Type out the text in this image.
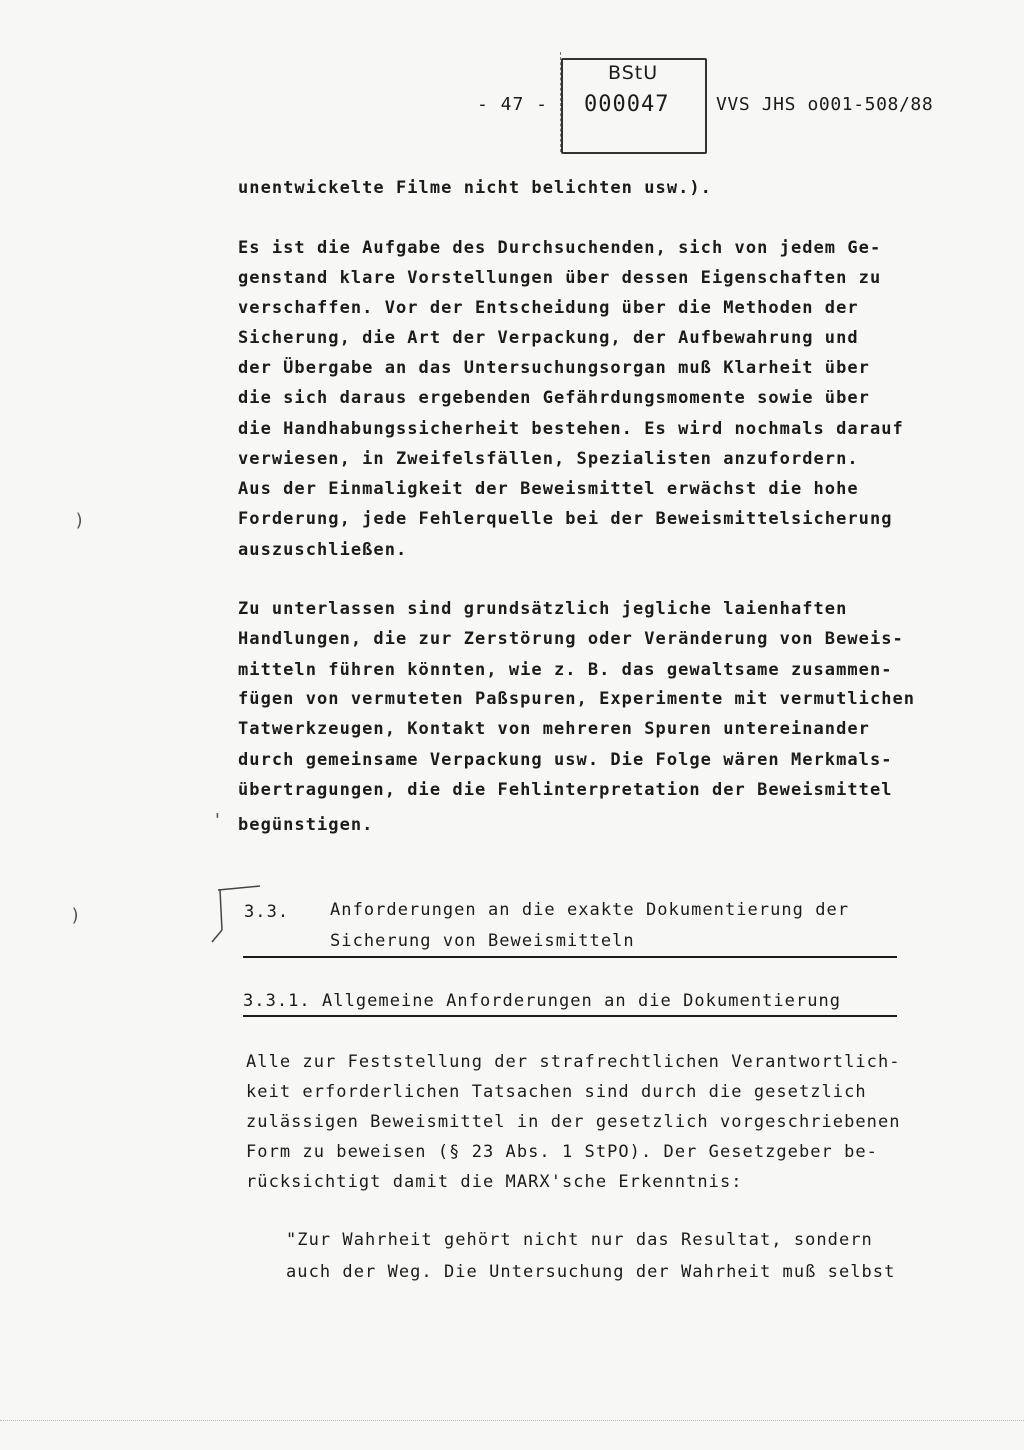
- 47 -
BStU
000047	VVS JHS o001-508/88
unentwickelte Filme nicht belichten usw.).
Es ist die Aufgabe des Durchsuchenden, sich von jedem Ge-
genstand klare Vorstellungen über dessen Eigenschaften zu
verschaffen. Vor der Entscheidung über die Methoden der
Sicherung, die Art der Verpackung, der Aufbewahrung und
der Übergabe an das Untersuchungsorgan muß Klarheit über
die sich daraus ergebenden Gefährdungsmomente sowie über
die Handhabungssicherheit bestehen. Es wird nochmals darauf
verwiesen, in Zweifelsfällen, Spezialisten anzufordern.
Aus der Einmaligkeit der Beweismittel erwächst die hohe
Forderung, jede Fehlerquelle bei der Beweismittelsicherung
auszuschließen.
Zu unterlassen sind grundsätzlich jegliche laienhaften
Handlungen, die zur Zerstörung oder Veränderung von Beweis-
mitteln führen könnten, wie z. B. das gewaltsame zusammen-
fügen von vermuteten Paßspuren, Experimente mit vermutlichen
Tatwerkzeugen, Kontakt von mehreren Spuren untereinander
durch gemeinsame Verpackung usw. Die Folge wären Merkmals-
übertragungen, die die Fehlinterpretation der Beweismittel
begünstigen.
)
'
)	3.3. Anforderungen an die exakte Dokumentierung der
Sicherung von Beweismitteln
3.3.1. Allgemeine Anforderungen an die Dokumentierung
Alle zur Feststellung der strafrechtlichen Verantwortlich-
keit erforderlichen Tatsachen sind durch die gesetzlich
zulässigen Beweismittel in der gesetzlich vorgeschriebenen
Form zu beweisen (§ 23 Abs. 1 StPO). Der Gesetzgeber be-
rücksichtigt damit die MARX'sche Erkenntnis:
"Zur Wahrheit gehört nicht nur das Resultat, sondern
auch der Weg. Die Untersuchung der Wahrheit muß selbst
